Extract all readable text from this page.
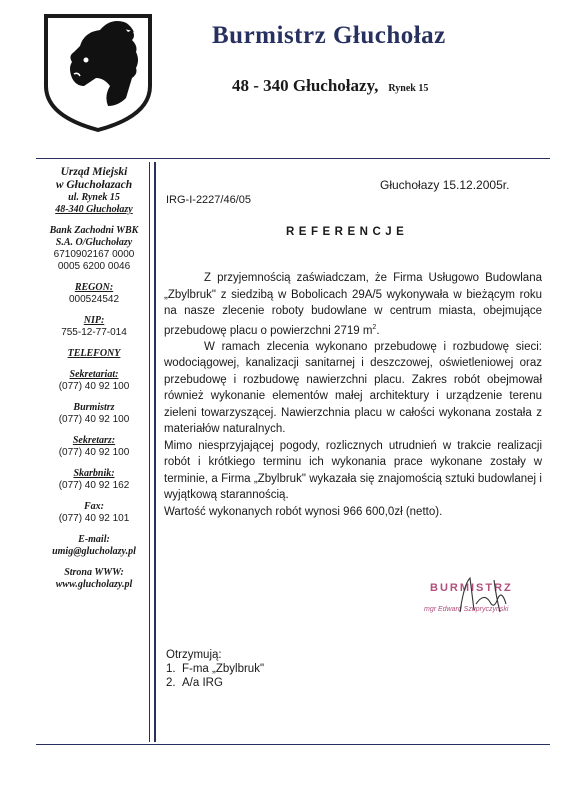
Burmistrz Głuchołaz
48 - 340 Głuchołazy, Rynek 15
Urząd Miejski
w Głuchołazach
ul. Rynek 15
48-340 Głuchołazy
Bank Zachodni WBK
S.A. O/Głuchołazy
6710902167 0000
0005 6200 0046
REGON:
000524542
NIP:
755-12-77-014
TELEFONY
Sekretariat:
(077) 40 92 100
Burmistrz
(077) 40 92 100
Sekretarz:
(077) 40 92 100
Skarbnik:
(077) 40 92 162
Fax:
(077) 40 92 101
E-mail:
umig@glucholazy.pl
Strona WWW:
www.glucholazy.pl
Głuchołazy 15.12.2005r.
IRG-I-2227/46/05
REFERENCJE

Z przyjemnością zaświadczam, że Firma Usługowo Budowlana „Zbylbruk" z siedzibą w Bobolicach 29A/5 wykonywała w bieżącym roku na nasze zlecenie roboty budowlane w centrum miasta, obejmujące przebudowę placu o powierzchni 2719 $m^2$.

W ramach zlecenia wykonano przebudowę i rozbudowę sieci: wodociągowej, kanalizacji sanitarnej i deszczowej, oświetleniowej oraz przebudowę i rozbudowę nawierzchni placu. Zakres robót obejmował również wykonanie elementów małej architektury i urządzenie terenu zieleni towarzyszącej. Nawierzchnia placu w całości wykonana została z materiałów naturalnych.

Mimo niesprzyjającej pogody, rozlicznych utrudnień w trakcie realizacji robót i krótkiego terminu ich wykonania prace wykonane zostały w terminie, a Firma „Zbylbruk" wykazała się znajomością sztuki budowlanej i wyjątkową starannością.

Wartość wykonanych robót wynosi 966 600,0zł (netto).

BURMISTRZ
mgr Edward Szupryczyński
Otrzymują:
1. F-ma „Zbylbruk"
2. A/a IRG
